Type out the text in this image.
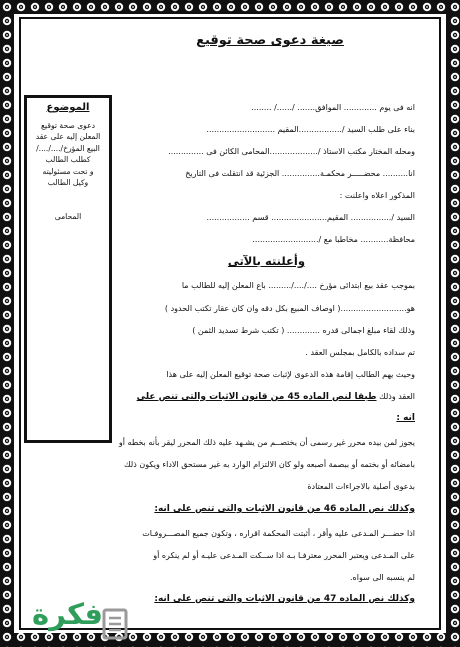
صيغة دعوى صحة توقيع
الموضوع
دعوى صحة توقيع
المعلن إليه على عقد
البيع المؤرخ/..../..../
كطلب الطالب
و تحت مسئوليته
وكيل الطالب
المحامى
انه فى يوم ............. الموافق....... /....../ ........
بناء على طلب السيد /.................المقيم ...........................
ومحله المختار مكتب الاستاذ /...................المحامى الكائن فى ..............
انا.......... محضـــــر محكمـة............... الجزئية قد انتقلت فى التاريخ
المذكور اعلاه واعلنت :
السيد /................ المقيم...................... قسم .................
محافظة........... مخاطبا مع /..........................
وأعلنته بالآتى
بموجب عقد بيع ابتدائى مؤرخ ..../..../......... باع المعلن إليه للطالب ما
هو..........................( اوصاف المبيع بكل دقه وان كان عقار تكتب الحدود )
وذلك لقاء مبلغ اجمالى قدره ............. ( تكتب شرط تسديد الثمن )
تم سداده بالكامل بمجلس العقد .
وحيث يهم الطالب إقامة هذه الدعوى لإثبات صحة توقيع المعلن إليه على هذا
العقد وذلك طبقا لنص الماده 45 من قانون الاثبات والتى تنص على
انه :
يجوز لمن بيده محرر غير رسمى أن يختصــم من يشـهد عليه ذلك المحرر ليقر بأنه بخطه أو
بامضائه أو بختمه أو ببصمة أصبعه ولو كان الالتزام الوارد به غير مستحق الاداء ويكون ذلك
بدعوى أصلية بالاجراءات المعتادة
وكذلك نص الماده 46 من قانون الاثبات والتى تنص على انه:
اذا حضـــر المـدعى عليه وأقر ، أثبتت المحكمة اقراره ، وتكون جميع المصـــروفـات
على المـدعى ويعتبر المحرر معترفـا بـه اذا ســكت المـدعى عليـه أو لم ينكره أو
لم ينسبه الى سواه.
وكذلك نص الماده 47 من قانون الاثبات والتى تنص على انه:
فكرة
